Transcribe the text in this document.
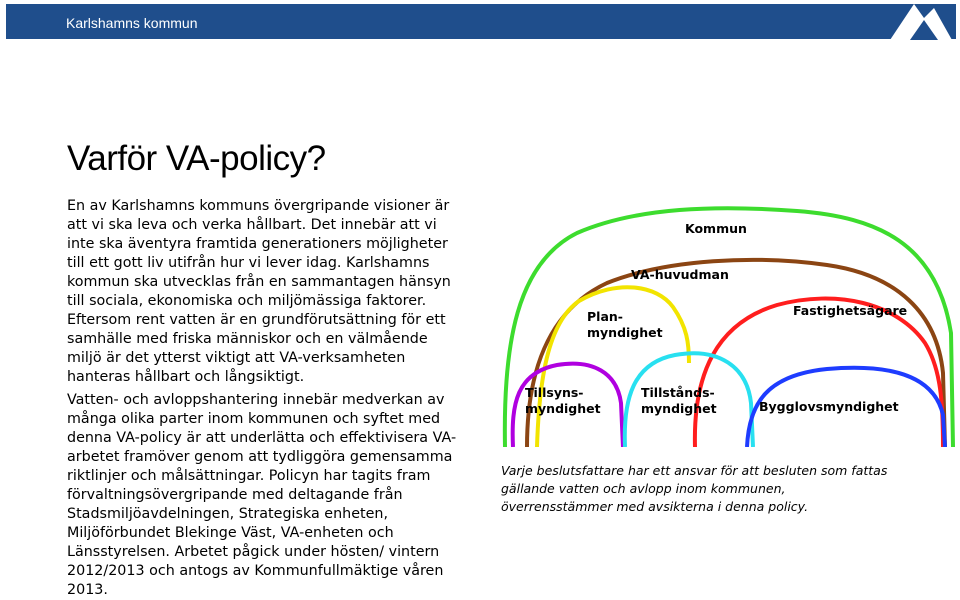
Karlshamns kommun
Varför VA-policy?
En av Karlshamns kommuns övergripande visioner är att vi ska leva och verka hållbart. Det innebär att vi inte ska äventyra framtida generationers möjligheter till ett gott liv utifrån hur vi lever idag. Karlshamns kommun ska utvecklas från en sammantagen hänsyn till sociala, ekonomiska och miljömässiga faktorer. Eftersom rent vatten är en grundförutsättning för ett samhälle med friska människor och en välmående miljö är det ytterst viktigt att VA-verksamheten hanteras hållbart och långsiktigt.
Vatten- och avloppshantering innebär medverkan av många olika parter inom kommunen och syftet med denna VA-policy är att underlätta och effektivisera VA-arbetet framöver genom att tydliggöra gemensamma riktlinjer och målsättningar. Policyn har tagits fram förvaltningsövergripande med deltagande från Stadsmiljöavdelningen, Strategiska enheten, Miljöförbundet Blekinge Väst, VA-enheten och Länsstyrelsen. Arbetet pågick under hösten/ vintern 2012/2013 och antogs av Kommunfullmäktige våren 2013.
Kommun
VA-huvudman
Plan-
myndighet
Fastighetsägare
Tillsyns-
myndighet
Tillstånds-
myndighet	Bygglovsmyndighet
Varje beslutsfattare har ett ansvar för att besluten som fattas gällande vatten och avlopp inom kommunen, överrensstämmer med avsikterna i denna policy.
